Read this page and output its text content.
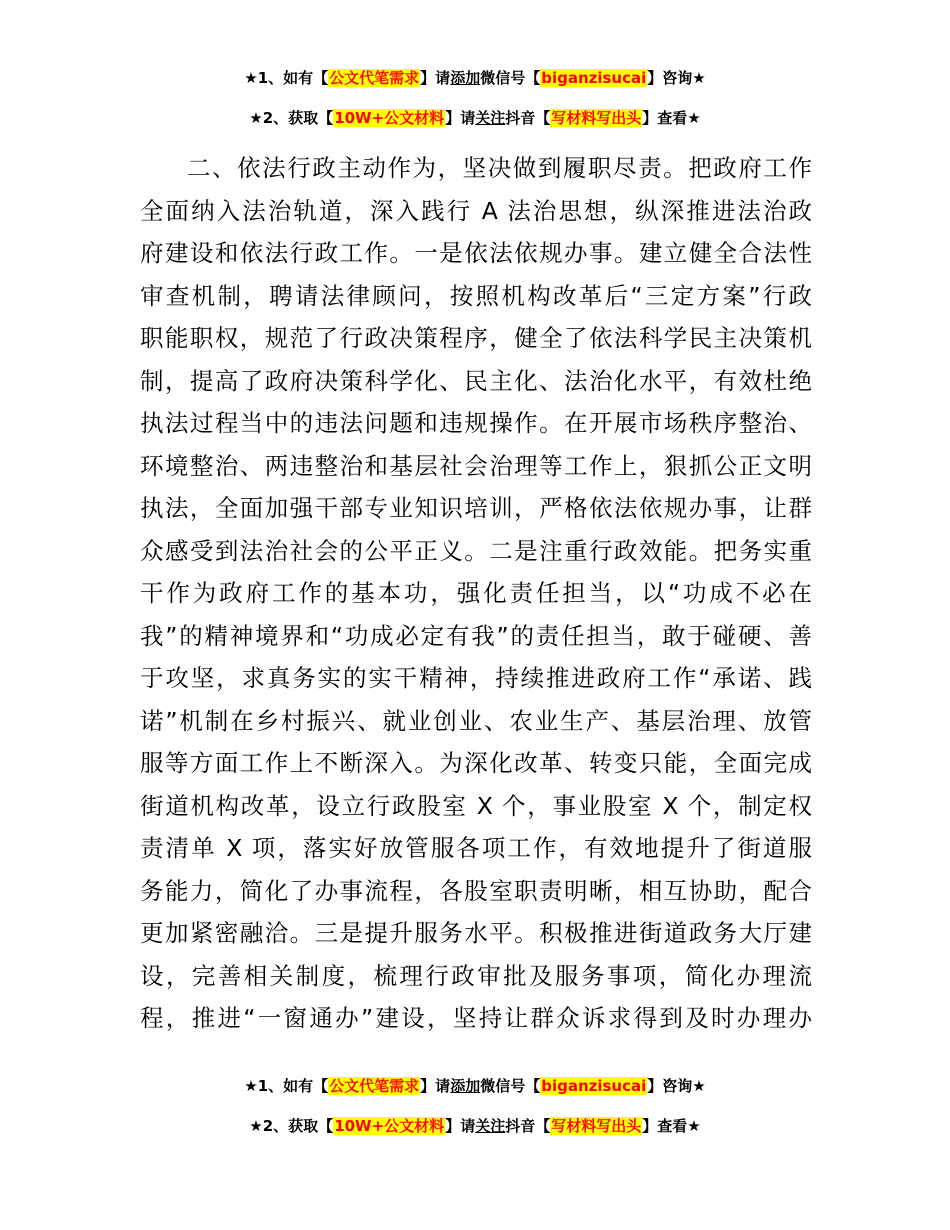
★1、如有【公文代笔需求】请添加微信号【biganzisucai】咨询★
★2、获取【10W+公文材料】请关注抖音【写材料写出头】查看★
二、依法行政主动作为，坚决做到履职尽责。把政府工作
全面纳入法治轨道，深入践行 A 法治思想，纵深推进法治政
府建设和依法行政工作。一是依法依规办事。建立健全合法性
审查机制，聘请法律顾问，按照机构改革后“三定方案”行政
职能职权，规范了行政决策程序，健全了依法科学民主决策机
制，提高了政府决策科学化、民主化、法治化水平，有效杜绝
执法过程当中的违法问题和违规操作。在开展市场秩序整治、
环境整治、两违整治和基层社会治理等工作上，狠抓公正文明
执法，全面加强干部专业知识培训，严格依法依规办事，让群
众感受到法治社会的公平正义。二是注重行政效能。把务实重
干作为政府工作的基本功，强化责任担当，以“功成不必在
我”的精神境界和“功成必定有我”的责任担当，敢于碰硬、善
于攻坚，求真务实的实干精神，持续推进政府工作“承诺、践
诺”机制在乡村振兴、就业创业、农业生产、基层治理、放管
服等方面工作上不断深入。为深化改革、转变只能，全面完成
街道机构改革，设立行政股室 X 个，事业股室 X 个，制定权
责清单 X 项，落实好放管服各项工作，有效地提升了街道服
务能力，简化了办事流程，各股室职责明晰，相互协助，配合
更加紧密融洽。三是提升服务水平。积极推进街道政务大厅建
设，完善相关制度，梳理行政审批及服务事项，简化办理流
程，推进“一窗通办”建设，坚持让群众诉求得到及时办理办
★1、如有【公文代笔需求】请添加微信号【biganzisucai】咨询★
★2、获取【10W+公文材料】请关注抖音【写材料写出头】查看★
